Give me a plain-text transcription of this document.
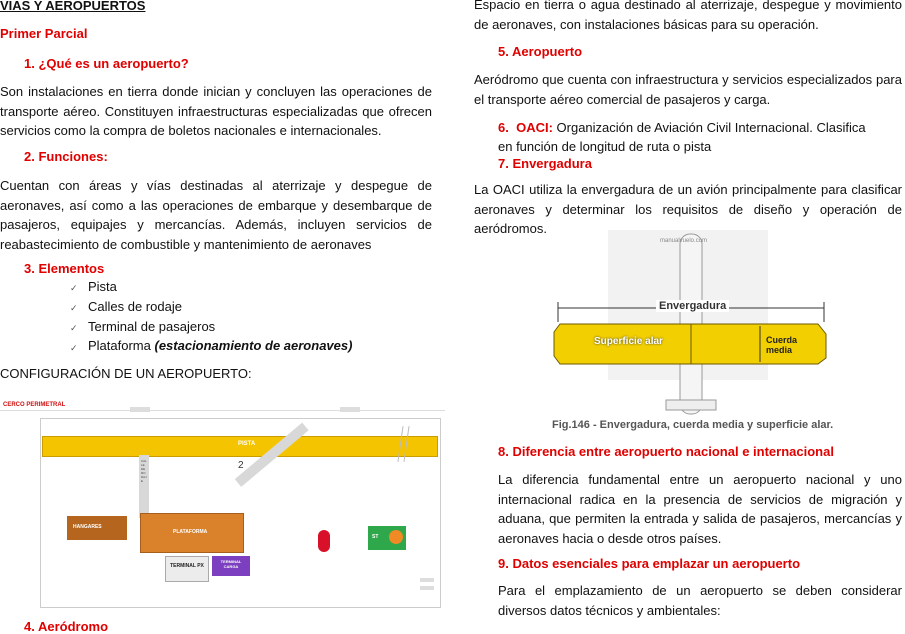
VIAS Y AEROPUERTOS
Primer Parcial
1. ¿Qué es un aeropuerto?

Son instalaciones en tierra donde inician y concluyen las operaciones de transporte aéreo. Constituyen infraestructuras especializadas que ofrecen servicios como la compra de boletos nacionales e internacionales.

2. Funciones:

Cuentan con áreas y vías destinadas al aterrizaje y despegue de aeronaves, así como a las operaciones de embarque y desembarque de pasajeros, equipajes y mercancías. Además, incluyen servicios de reabastecimiento de combustible y mantenimiento de aeronaves

3. Elementos
✓ Pista
✓ Calles de rodaje
✓ Terminal de pasajeros
✓ Plataforma (estacionamiento de aeronaves)
CONFIGURACIÓN DE UN AEROPUERTO:
CERCO PERIMETRAL
PISTA
CALLE DE RODAJE
2
HANGARES
PLATAFORMA
TERMINAL PX
TERMINAL CARGA
ST
4. Aeródromo

Espacio en tierra o agua destinado al aterrizaje, despegue y movimiento de aeronaves, con instalaciones básicas para su operación.

5. Aeropuerto

Aeródromo que cuenta con infraestructura y servicios especializados para el transporte aéreo comercial de pasajeros y carga.

6. OACI: Organización de Aviación Civil Internacional. Clasifica en función de longitud de ruta o pista
7. Envergadura

La OACI utiliza la envergadura de un avión principalmente para clasificar aeronaves y determinar los requisitos de diseño y operación de aeródromos.

manualvuelo.com
Envergadura
Superficie alar	Cuerda media
Fig.146 - Envergadura, cuerda media y superficie alar.
8. Diferencia entre aeropuerto nacional e internacional

La diferencia fundamental entre un aeropuerto nacional y uno internacional radica en la presencia de servicios de migración y aduana, que permiten la entrada y salida de pasajeros, mercancías y aeronaves hacia o desde otros países.

9. Datos esenciales para emplazar un aeropuerto

Para el emplazamiento de un aeropuerto se deben considerar diversos datos técnicos y ambientales:
